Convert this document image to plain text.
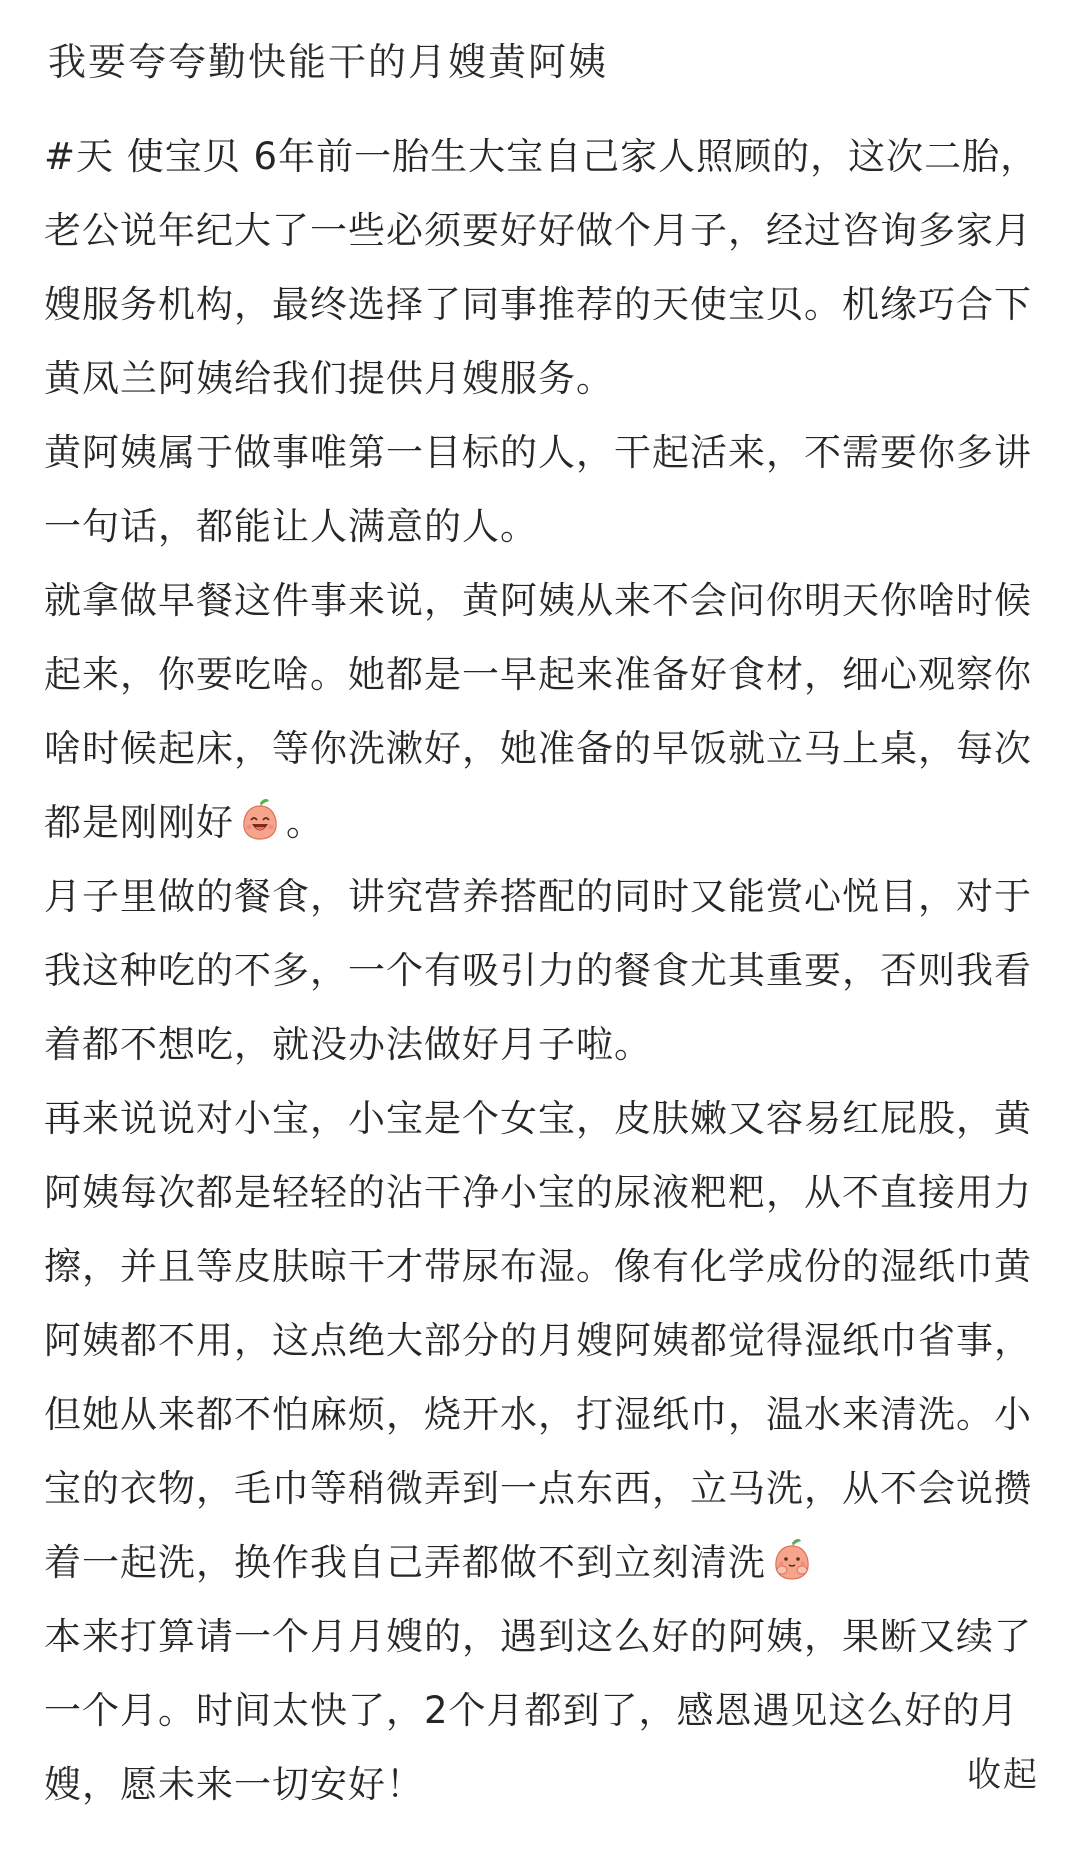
我要夸夸勤快能干的月嫂黄阿姨

#天 使宝贝 6年前一胎生大宝自己家人照顾的，这次二胎，老公说年纪大了一些必须要好好做个月子，经过咨询多家月嫂服务机构，最终选择了同事推荐的天使宝贝。机缘巧合下黄凤兰阿姨给我们提供月嫂服务。

黄阿姨属于做事唯第一目标的人，干起活来，不需要你多讲一句话，都能让人满意的人。

就拿做早餐这件事来说，黄阿姨从来不会问你明天你啥时候起来，你要吃啥。她都是一早起来准备好食材，细心观察你啥时候起床，等你洗漱好，她准备的早饭就立马上桌，每次都是刚刚好 。

月子里做的餐食，讲究营养搭配的同时又能赏心悦目，对于我这种吃的不多，一个有吸引力的餐食尤其重要，否则我看着都不想吃，就没办法做好月子啦。

再来说说对小宝，小宝是个女宝，皮肤嫩又容易红屁股，黄阿姨每次都是轻轻的沾干净小宝的尿液粑粑，从不直接用力擦，并且等皮肤晾干才带尿布湿。像有化学成份的湿纸巾黄阿姨都不用，这点绝大部分的月嫂阿姨都觉得湿纸巾省事，但她从来都不怕麻烦，烧开水，打湿纸巾，温水来清洗。小宝的衣物，毛巾等稍微弄到一点东西，立马洗，从不会说攒着一起洗，换作我自己弄都做不到立刻清洗

本来打算请一个月月嫂的，遇到这么好的阿姨，果断又续了一个月。时间太快了，2个月都到了，感恩遇见这么好的月嫂，愿未来一切安好！	收起
